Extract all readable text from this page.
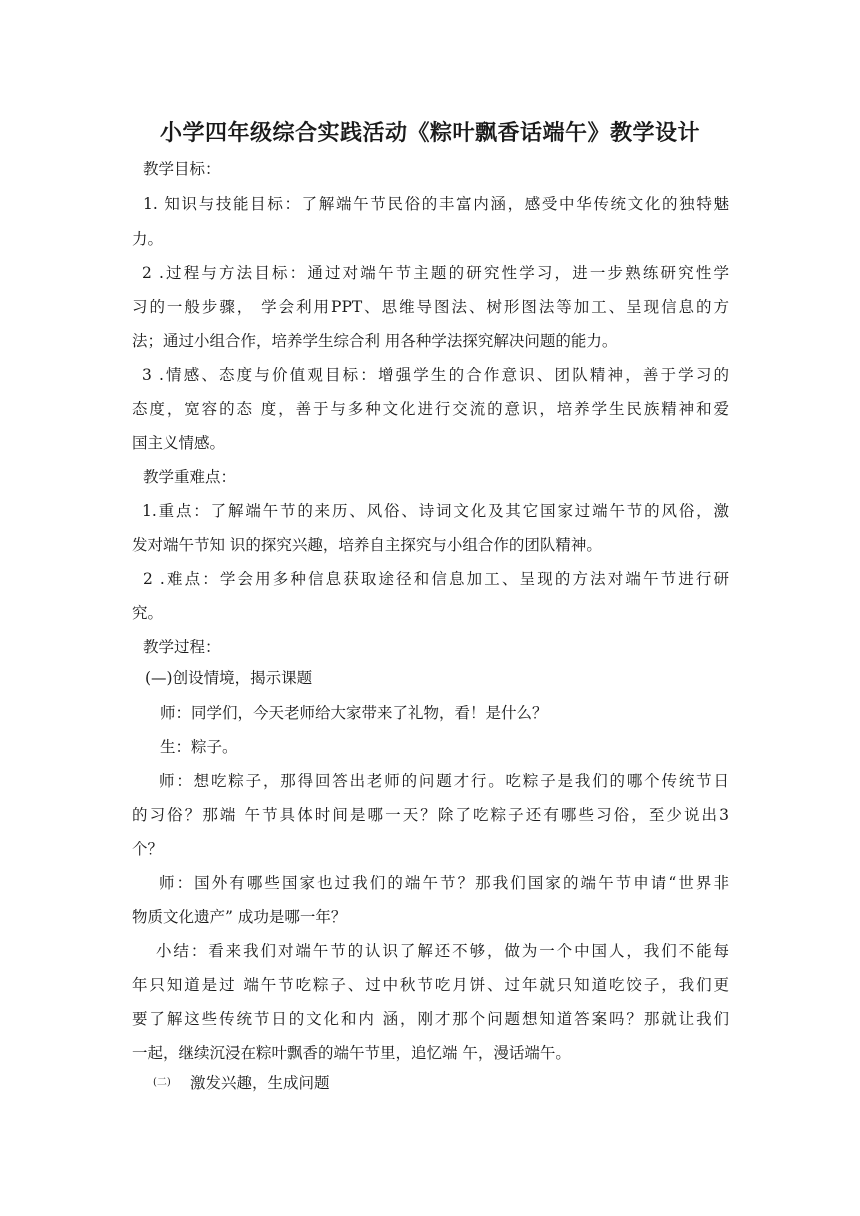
小学四年级综合实践活动《粽叶飘香话端午》教学设计
教学目标：
1. 知识与技能目标：了解端午节民俗的丰富内涵，感受中华传统文化的独特魅
力。
2 .过程与方法目标：通过对端午节主题的研究性学习，进一步熟练研究性学
习的一般步骤， 学会利用PPT、思维导图法、树形图法等加工、呈现信息的方
法；通过小组合作，培养学生综合利 用各种学法探究解决问题的能力。
3 .情感、态度与价值观目标：增强学生的合作意识、团队精神，善于学习的
态度，宽容的态 度，善于与多种文化进行交流的意识，培养学生民族精神和爱
国主义情感。
教学重难点：
1.重点：了解端午节的来历、风俗、诗词文化及其它国家过端午节的风俗，激
发对端午节知 识的探究兴趣，培养自主探究与小组合作的团队精神。
2 .难点：学会用多种信息获取途径和信息加工、呈现的方法对端午节进行研
究。
教学过程：
(—)创设情境，揭示课题
师：同学们，今天老师给大家带来了礼物，看！是什么？
生：粽子。
师：想吃粽子，那得回答出老师的问题才行。吃粽子是我们的哪个传统节日
的习俗？那端 午节具体时间是哪一天？除了吃粽子还有哪些习俗，至少说出3
个？
师：国外有哪些国家也过我们的端午节？那我们国家的端午节申请“世界非
物质文化遗产” 成功是哪一年？
小结：看来我们对端午节的认识了解还不够，做为一个中国人，我们不能每
年只知道是过 端午节吃粽子、过中秋节吃月饼、过年就只知道吃饺子，我们更
要了解这些传统节日的文化和内 涵，刚才那个问题想知道答案吗？那就让我们
一起，继续沉浸在粽叶飘香的端午节里，追忆端 午，漫话端午。
(二) 激发兴趣，生成问题
